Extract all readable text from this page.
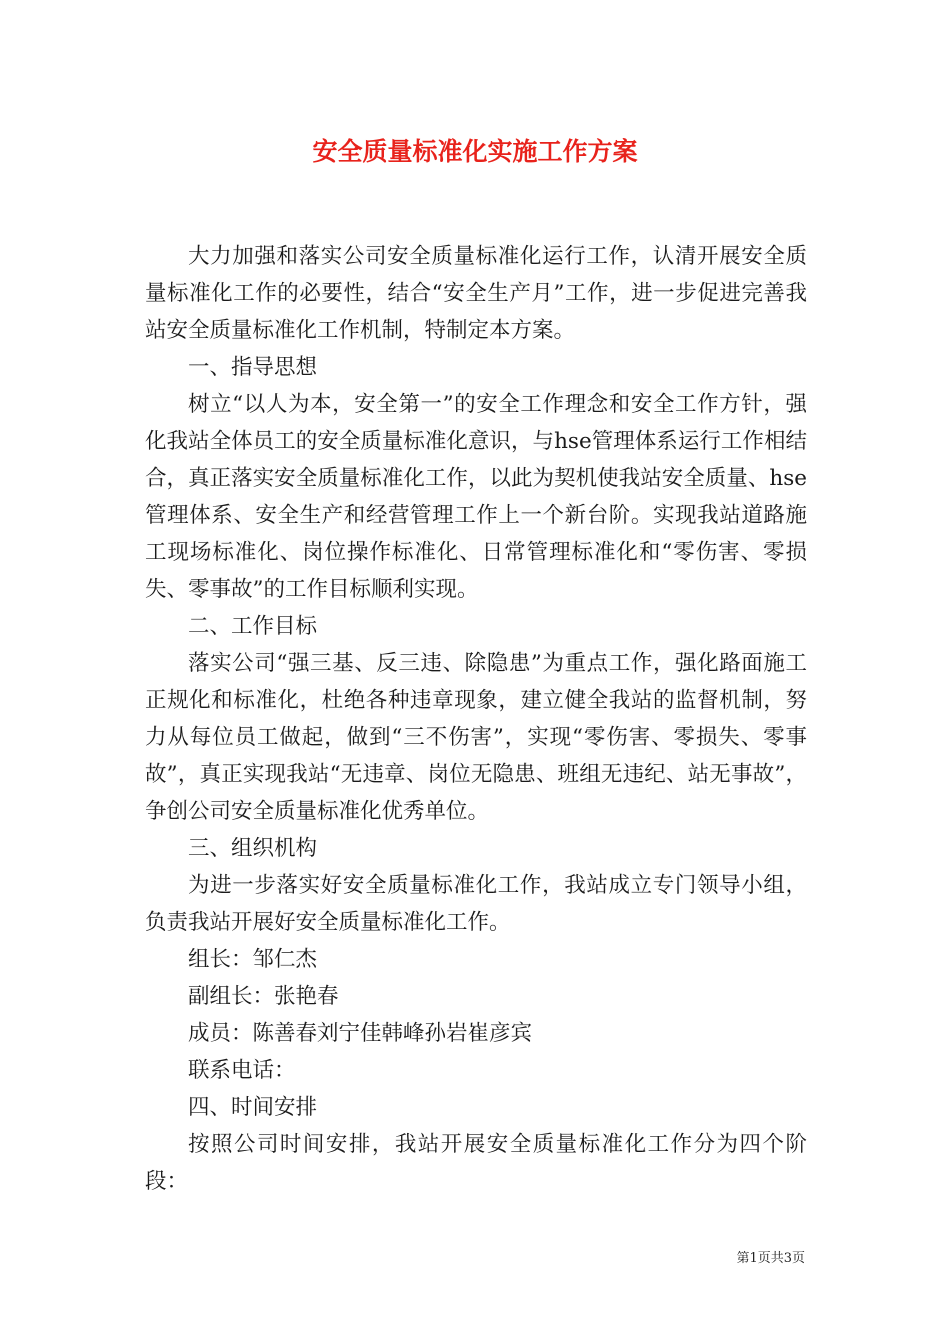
安全质量标准化实施工作方案

大力加强和落实公司安全质量标准化运行工作，认清开展安全质量标准化工作的必要性，结合“安全生产月”工作，进一步促进完善我站安全质量标准化工作机制，特制定本方案。

一、指导思想

树立“以人为本，安全第一”的安全工作理念和安全工作方针，强化我站全体员工的安全质量标准化意识，与hse管理体系运行工作相结合，真正落实安全质量标准化工作，以此为契机使我站安全质量、hse管理体系、安全生产和经营管理工作上一个新台阶。实现我站道路施工现场标准化、岗位操作标准化、日常管理标准化和“零伤害、零损失、零事故”的工作目标顺利实现。

二、工作目标

落实公司“强三基、反三违、除隐患”为重点工作，强化路面施工正规化和标准化，杜绝各种违章现象，建立健全我站的监督机制，努力从每位员工做起，做到“三不伤害”，实现“零伤害、零损失、零事故”，真正实现我站“无违章、岗位无隐患、班组无违纪、站无事故”，争创公司安全质量标准化优秀单位。

三、组织机构

为进一步落实好安全质量标准化工作，我站成立专门领导小组，负责我站开展好安全质量标准化工作。

组长：邹仁杰

副组长：张艳春

成员：陈善春刘宁佳韩峰孙岩崔彦宾

联系电话：

四、时间安排

按照公司时间安排，我站开展安全质量标准化工作分为四个阶段：

第1页共3页
